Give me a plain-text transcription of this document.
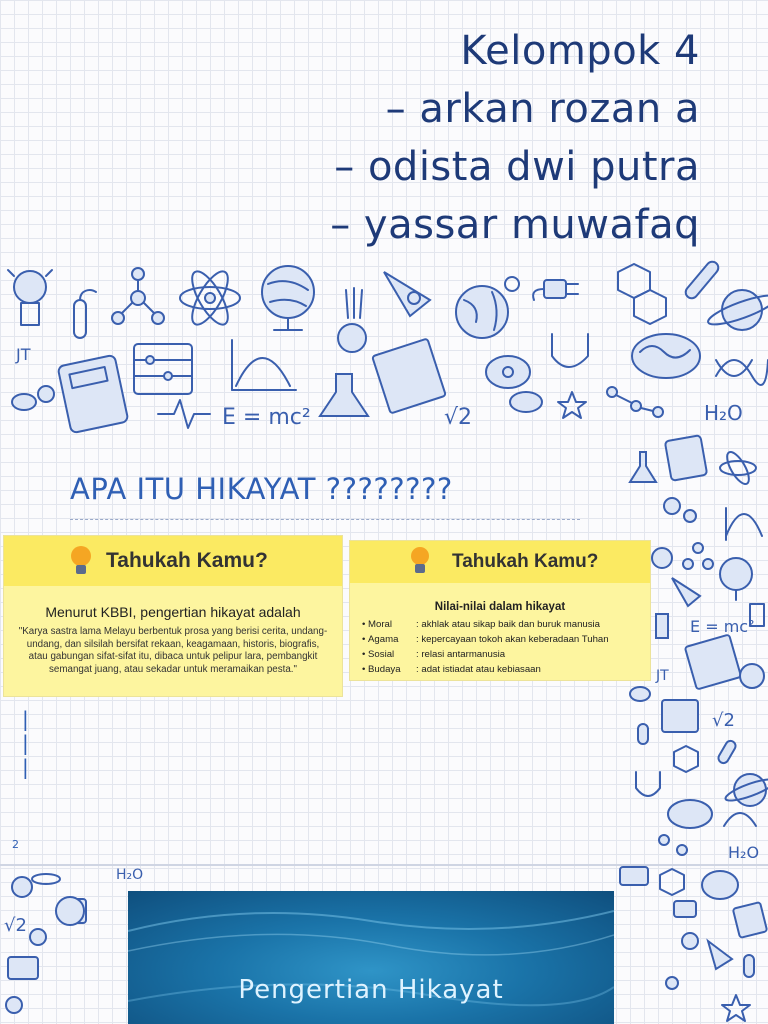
E = mc²	√2	H₂O
JT
E = mc²
JT
√2
H₂O
Kelompok 4
– arkan rozan a
– odista dwi putra
– yassar muwafaq
APA ITU HIKAYAT ????????
Tahukah Kamu?
Menurut KBBI, pengertian hikayat adalah
"Karya sastra lama Melayu berbentuk prosa yang berisi cerita, undang-undang, dan silsilah bersifat rekaan, keagamaan, historis, biografis, atau gabungan sifat-sifat itu, dibaca untuk pelipur lara, pembangkit semangat juang, atau sekadar untuk meramaikan pesta."
Tahukah Kamu?
Nilai-nilai dalam hikayat
• Moral	: akhlak atau sikap baik dan buruk manusia
• Agama : kepercayaan tokoh akan keberadaan Tuhan
• Sosial : relasi antarmanusia
• Budaya : adat istiadat atau kebiasaan
|
|
|
2
√2
H₂O
Pengertian Hikayat
